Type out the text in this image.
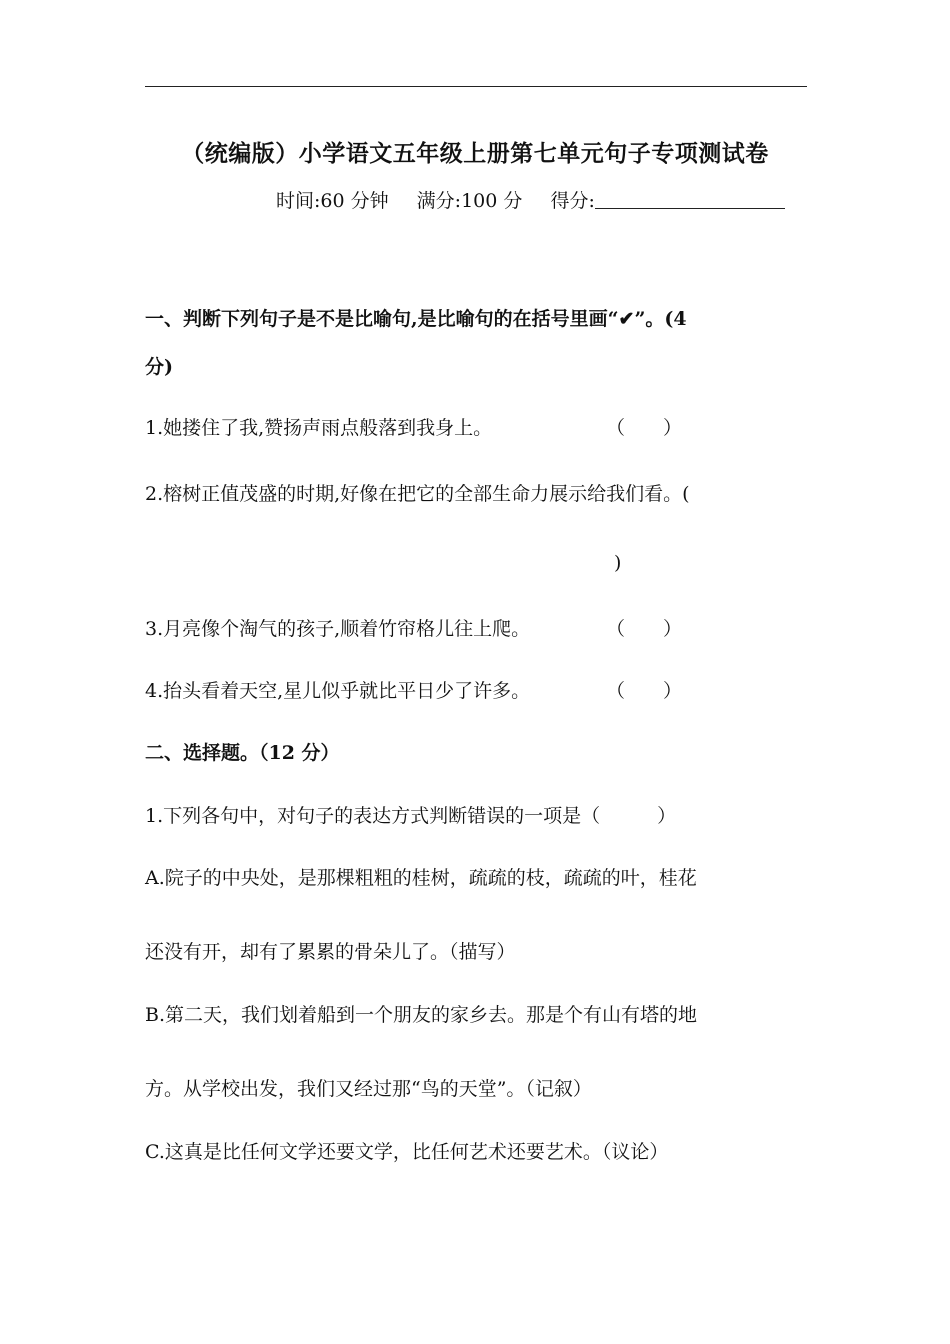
（统编版）小学语文五年级上册第七单元句子专项测试卷
时间:60 分钟 满分:100 分 得分:
一、判断下列句子是不是比喻句,是比喻句的在括号里画“✔”。(4
分)
1.她搂住了我,赞扬声雨点般落到我身上。	（　　）
2.榕树正值茂盛的时期,好像在把它的全部生命力展示给我们看。(
)
3.月亮像个淘气的孩子,顺着竹帘格儿往上爬。	（　　）
4.抬头看着天空,星儿似乎就比平日少了许多。	（　　）
二、选择题。（12 分）
1.下列各句中，对句子的表达方式判断错误的一项是（　　　）
A.院子的中央处，是那棵粗粗的桂树，疏疏的枝，疏疏的叶，桂花
还没有开，却有了累累的骨朵儿了。（描写）
B.第二天，我们划着船到一个朋友的家乡去。那是个有山有塔的地
方。从学校出发，我们又经过那“鸟的天堂”。（记叙）
C.这真是比任何文学还要文学，比任何艺术还要艺术。（议论）
